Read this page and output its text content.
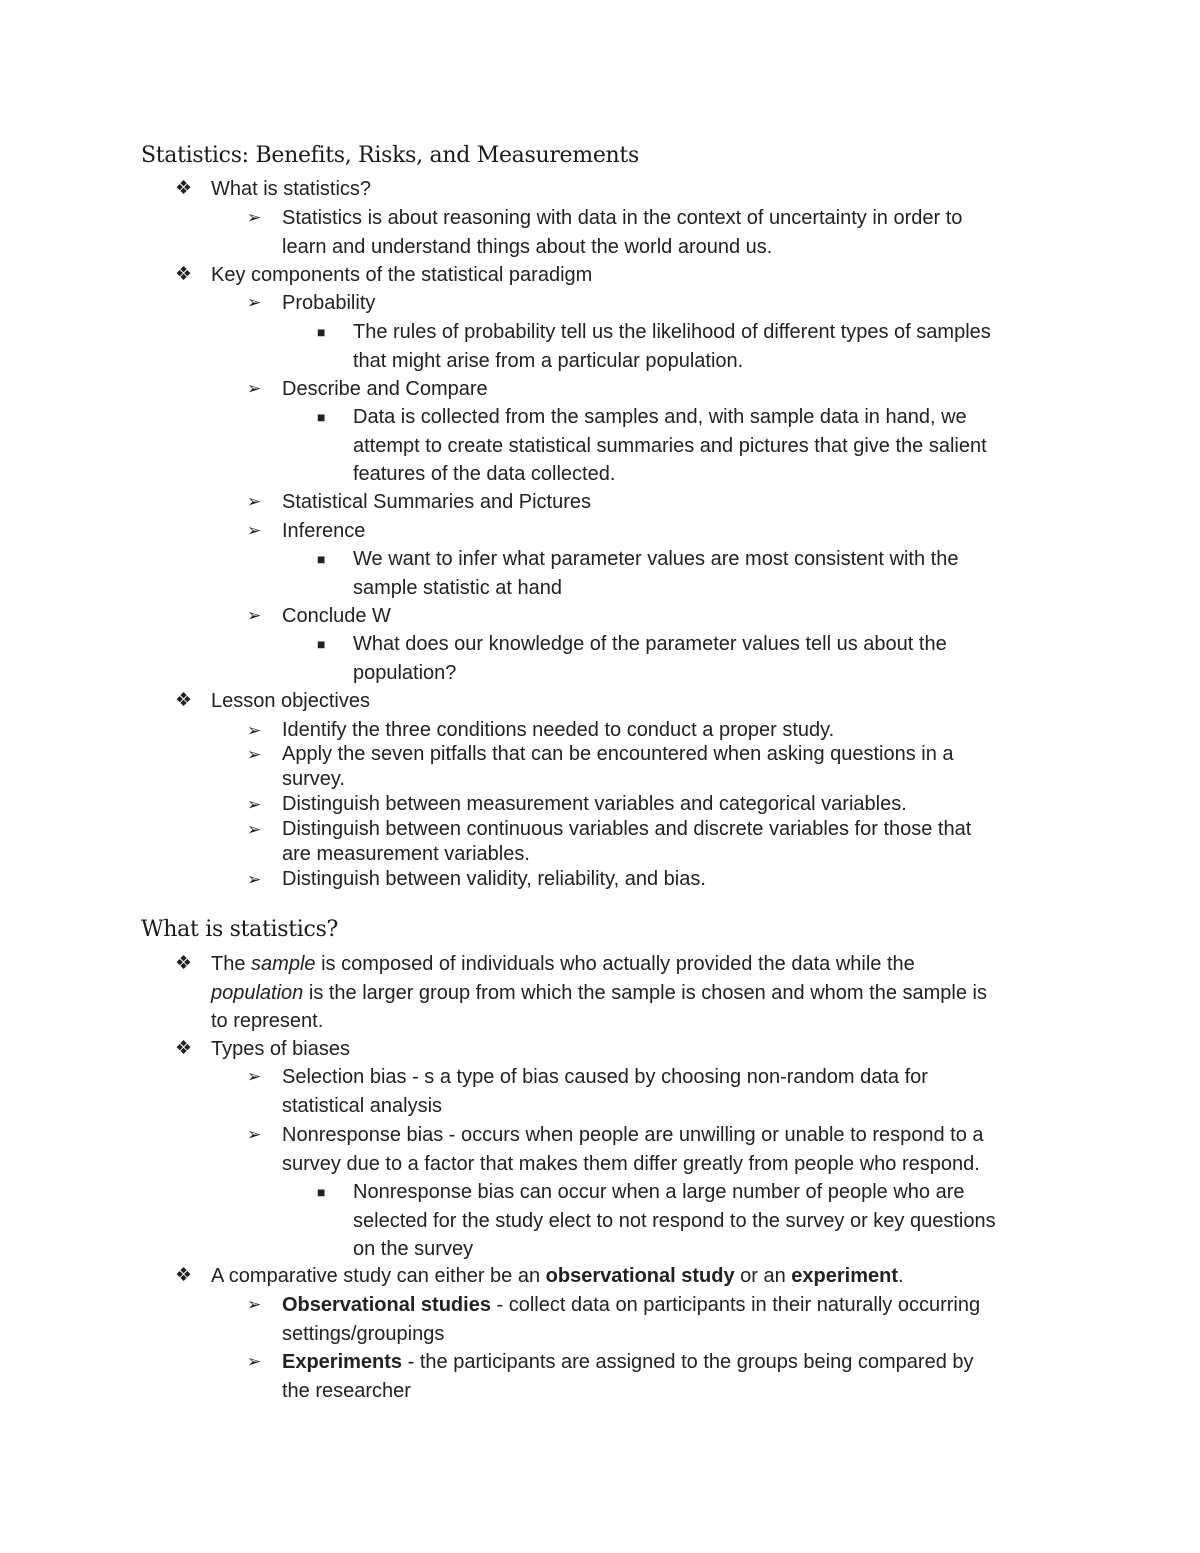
Statistics: Benefits, Risks, and Measurements
❖ What is statistics?
➢ Statistics is about reasoning with data in the context of uncertainty in order to
learn and understand things about the world around us.
❖ Key components of the statistical paradigm
➢ Probability
■ The rules of probability tell us the likelihood of different types of samples
that might arise from a particular population.
➢ Describe and Compare
■ Data is collected from the samples and, with sample data in hand, we
attempt to create statistical summaries and pictures that give the salient
features of the data collected.
➢ Statistical Summaries and Pictures
➢ Inference
■ We want to infer what parameter values are most consistent with the
sample statistic at hand
➢ Conclude W
■ What does our knowledge of the parameter values tell us about the
population?
❖ Lesson objectives
➢ Identify the three conditions needed to conduct a proper study.
➢ Apply the seven pitfalls that can be encountered when asking questions in a
survey.
➢ Distinguish between measurement variables and categorical variables.
➢ Distinguish between continuous variables and discrete variables for those that
are measurement variables.
➢ Distinguish between validity, reliability, and bias.
What is statistics?
❖ The sample is composed of individuals who actually provided the data while the
population is the larger group from which the sample is chosen and whom the sample is
to represent.
❖ Types of biases
➢ Selection bias - s a type of bias caused by choosing non-random data for
statistical analysis
➢ Nonresponse bias - occurs when people are unwilling or unable to respond to a
survey due to a factor that makes them differ greatly from people who respond.
■ Nonresponse bias can occur when a large number of people who are
selected for the study elect to not respond to the survey or key questions
on the survey
❖ A comparative study can either be an observational study or an experiment.
➢ Observational studies - collect data on participants in their naturally occurring
settings/groupings
➢ Experiments - the participants are assigned to the groups being compared by
the researcher
